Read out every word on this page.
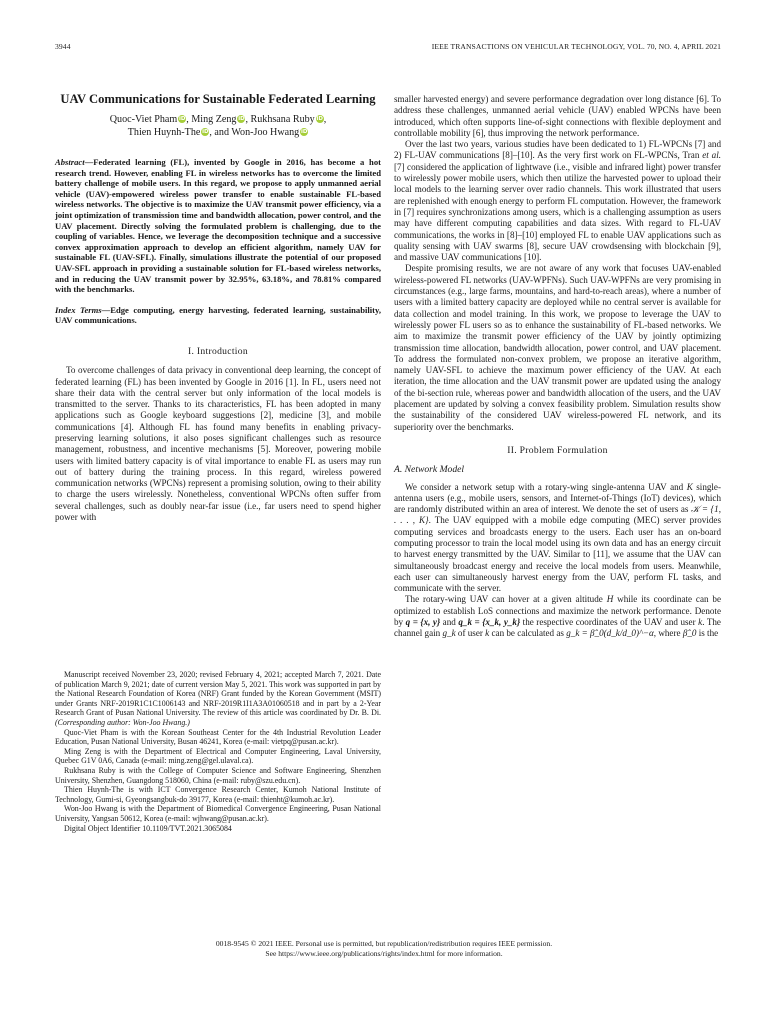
3944	IEEE TRANSACTIONS ON VEHICULAR TECHNOLOGY, VOL. 70, NO. 4, APRIL 2021
UAV Communications for Sustainable Federated Learning
Quoc-Viet Pham iD, Ming Zeng iD, Rukhsana Ruby iD,
Thien Huynh-The iD, and Won-Joo Hwang iD

Abstract—Federated learning (FL), invented by Google in 2016, has become a hot research trend. However, enabling FL in wireless networks has to overcome the limited battery challenge of mobile users. In this regard, we propose to apply unmanned aerial vehicle (UAV)-empowered wireless power transfer to enable sustainable FL-based wireless networks. The objective is to maximize the UAV transmit power efficiency, via a joint optimization of transmission time and bandwidth allocation, power control, and the UAV placement. Directly solving the formulated problem is challenging, due to the coupling of variables. Hence, we leverage the decomposition technique and a successive convex approximation approach to develop an efficient algorithm, namely UAV for sustainable FL (UAV-SFL). Finally, simulations illustrate the potential of our proposed UAV-SFL approach in providing a sustainable solution for FL-based wireless networks, and in reducing the UAV transmit power by 32.95%, 63.18%, and 78.81% compared with the benchmarks.

Index Terms—Edge computing, energy harvesting, federated learning, sustainability, UAV communications.

I. Introduction

To overcome challenges of data privacy in conventional deep learning, the concept of federated learning (FL) has been invented by Google in 2016 [1]. In FL, users need not share their data with the central server but only information of the local models is transmitted to the server. Thanks to its characteristics, FL has been adopted in many applications such as Google keyboard suggestions [2], medicine [3], and mobile communications [4]. Although FL has found many benefits in enabling privacy-preserving learning solutions, it also poses significant challenges such as resource management, robustness, and incentive mechanisms [5]. Moreover, powering mobile users with limited battery capacity is of vital importance to enable FL as users may run out of battery during the training process. In this regard, wireless powered communication networks (WPCNs) represent a promising solution, owing to their ability to charge the users wirelessly. Nonetheless, conventional WPCNs often suffer from several challenges, such as doubly near-far issue (i.e., far users need to spend higher power with

Manuscript received November 23, 2020; revised February 4, 2021; accepted March 7, 2021. Date of publication March 9, 2021; date of current version May 5, 2021. This work was supported in part by the National Research Foundation of Korea (NRF) Grant funded by the Korean Government (MSIT) under Grants NRF-2019R1C1C1006143 and NRF-2019R1I1A3A01060518 and in part by a 2-Year Research Grant of Pusan National University. The review of this article was coordinated by Dr. B. Di. (Corresponding author: Won-Joo Hwang.)

Quoc-Viet Pham is with the Korean Southeast Center for the 4th Industrial Revolution Leader Education, Pusan National University, Busan 46241, Korea (e-mail: vietpq@pusan.ac.kr).

Ming Zeng is with the Department of Electrical and Computer Engineering, Laval University, Quebec G1V 0A6, Canada (e-mail: ming.zeng@gel.ulaval.ca).

Rukhsana Ruby is with the College of Computer Science and Software Engineering, Shenzhen University, Shenzhen, Guangdong 518060, China (e-mail: ruby@szu.edu.cn).

Thien Huynh-The is with ICT Convergence Research Center, Kumoh National Institute of Technology, Gumi-si, Gyeongsangbuk-do 39177, Korea (e-mail: thienht@kumoh.ac.kr).

Won-Joo Hwang is with the Department of Biomedical Convergence Engineering, Pusan National University, Yangsan 50612, Korea (e-mail: wjhwang@pusan.ac.kr).

Digital Object Identifier 10.1109/TVT.2021.3065084

smaller harvested energy) and severe performance degradation over long distance [6]. To address these challenges, unmanned aerial vehicle (UAV) enabled WPCNs have been introduced, which often supports line-of-sight connections with flexible deployment and controllable mobility [6], thus improving the network performance.

Over the last two years, various studies have been dedicated to 1) FL-WPCNs [7] and 2) FL-UAV communications [8]–[10]. As the very first work on FL-WPCNs, Tran et al. [7] considered the application of lightwave (i.e., visible and infrared light) power transfer to wirelessly power mobile users, which then utilize the harvested power to upload their local models to the learning server over radio channels. This work illustrated that users are replenished with enough energy to perform FL computation. However, the framework in [7] requires synchronizations among users, which is a challenging assumption as users may have different computing capabilities and data sizes. With regard to FL-UAV communications, the works in [8]–[10] employed FL to enable UAV applications such as quality sensing with UAV swarms [8], secure UAV crowdsensing with blockchain [9], and massive UAV communications [10].

Despite promising results, we are not aware of any work that focuses UAV-enabled wireless-powered FL networks (UAV-WPFNs). Such UAV-WPFNs are very promising in circumstances (e.g., large farms, mountains, and hard-to-reach areas), where a number of users with a limited battery capacity are deployed while no central server is available for data collection and model training. In this work, we propose to leverage the UAV to wirelessly power FL users so as to enhance the sustainability of FL-based networks. We aim to maximize the transmit power efficiency of the UAV by jointly optimizing transmission time allocation, bandwidth allocation, power control, and UAV placement. To address the formulated non-convex problem, we propose an iterative algorithm, namely UAV-SFL to achieve the maximum power efficiency of the UAV. At each iteration, the time allocation and the UAV transmit power are updated using the analogy of the bi-section rule, whereas power and bandwidth allocation of the users, and the UAV placement are updated by solving a convex feasibility problem. Simulation results show the sustainability of the considered UAV wireless-powered FL network, and its superiority over the benchmarks.

II. Problem Formulation
A. Network Model

We consider a network setup with a rotary-wing single-antenna UAV and K single-antenna users (e.g., mobile users, sensors, and Internet-of-Things (IoT) devices), which are randomly distributed within an area of interest. We denote the set of users as 𝒦 = {1, . . . , K}. The UAV equipped with a mobile edge computing (MEC) server provides computing services and broadcasts energy to the users. Each user has an on-board computing processor to train the local model using its own data and has an energy circuit to harvest energy transmitted by the UAV. Similar to [11], we assume that the UAV can simultaneously broadcast energy and receive the local models from users. Meanwhile, each user can simultaneously harvest energy from the UAV, perform FL tasks, and communicate with the server.

The rotary-wing UAV can hover at a given altitude H while its coordinate can be optimized to establish LoS connections and maximize the network performance. Denote by q = {x, y} and q_k = {x_k, y_k} the respective coordinates of the UAV and user k. The channel gain g_k of user k can be calculated as g_k = β̂_0(d_k/d_0)^−α, where β̂_0 is the

0018-9545 © 2021 IEEE. Personal use is permitted, but republication/redistribution requires IEEE permission.
See https://www.ieee.org/publications/rights/index.html for more information.
